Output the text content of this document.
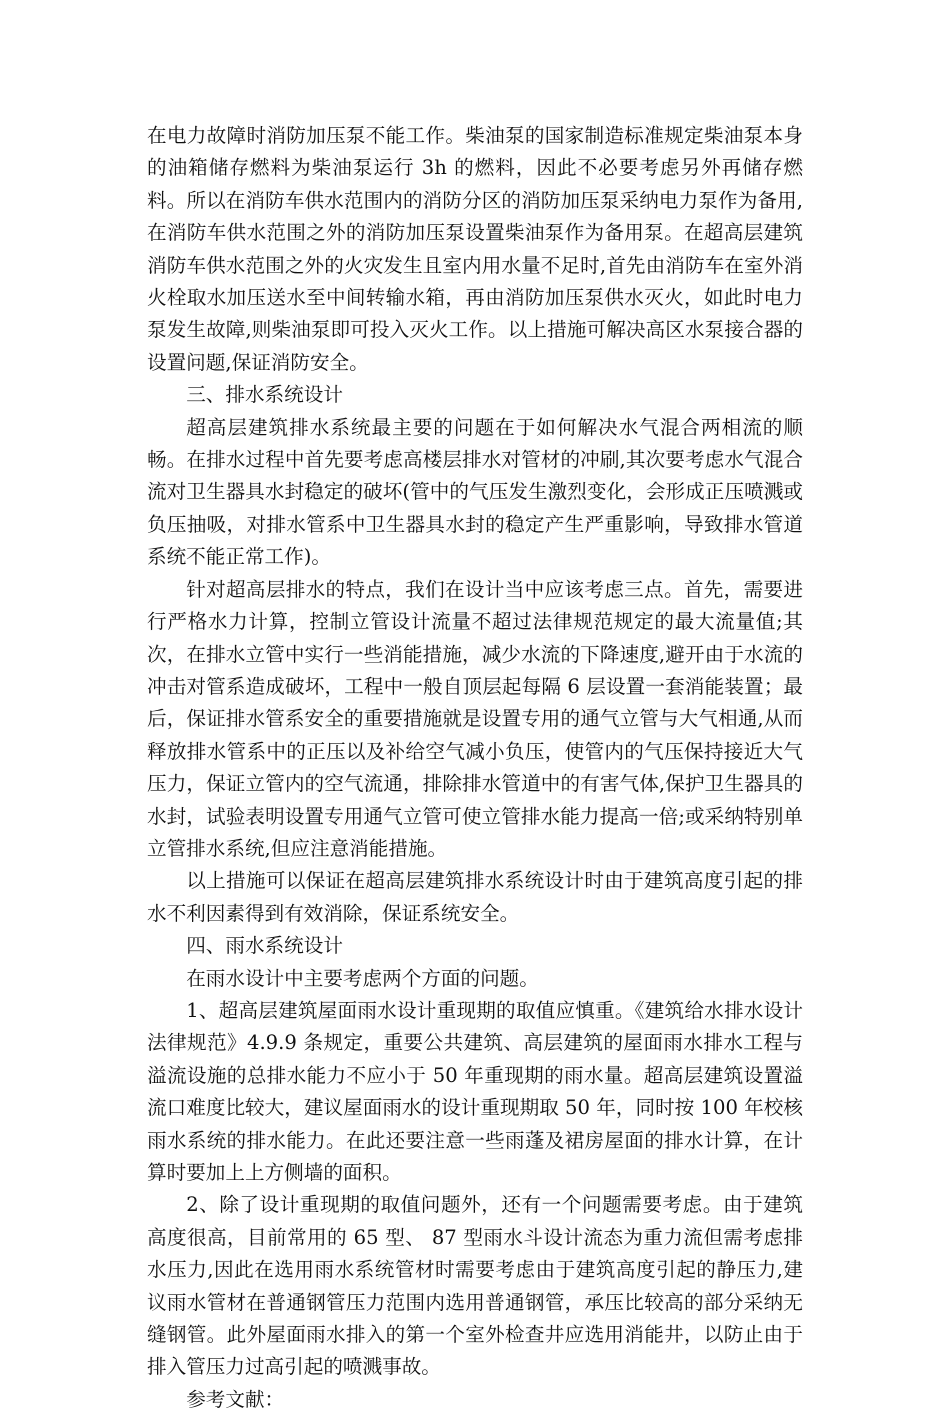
在电力故障时消防加压泵不能工作。柴油泵的国家制造标准规定柴油泵本身的油箱储存燃料为柴油泵运行 3h 的燃料，因此不必要考虑另外再储存燃料。所以在消防车供水范围内的消防分区的消防加压泵采纳电力泵作为备用,在消防车供水范围之外的消防加压泵设置柴油泵作为备用泵。在超高层建筑消防车供水范围之外的火灾发生且室内用水量不足时,首先由消防车在室外消火栓取水加压送水至中间转输水箱，再由消防加压泵供水灭火，如此时电力泵发生故障,则柴油泵即可投入灭火工作。以上措施可解决高区水泵接合器的设置问题,保证消防安全。

三、排水系统设计

超高层建筑排水系统最主要的问题在于如何解决水气混合两相流的顺畅。在排水过程中首先要考虑高楼层排水对管材的冲刷,其次要考虑水气混合流对卫生器具水封稳定的破坏(管中的气压发生激烈变化，会形成正压喷溅或负压抽吸，对排水管系中卫生器具水封的稳定产生严重影响，导致排水管道系统不能正常工作)。

针对超高层排水的特点，我们在设计当中应该考虑三点。首先，需要进行严格水力计算，控制立管设计流量不超过法律规范规定的最大流量值;其次，在排水立管中实行一些消能措施，减少水流的下降速度,避开由于水流的冲击对管系造成破坏，工程中一般自顶层起每隔 6 层设置一套消能装置；最后，保证排水管系安全的重要措施就是设置专用的通气立管与大气相通,从而释放排水管系中的正压以及补给空气减小负压，使管内的气压保持接近大气压力，保证立管内的空气流通，排除排水管道中的有害气体,保护卫生器具的水封，试验表明设置专用通气立管可使立管排水能力提高一倍;或采纳特别单立管排水系统,但应注意消能措施。

以上措施可以保证在超高层建筑排水系统设计时由于建筑高度引起的排水不利因素得到有效消除，保证系统安全。

四、雨水系统设计

在雨水设计中主要考虑两个方面的问题。

1、超高层建筑屋面雨水设计重现期的取值应慎重。《建筑给水排水设计法律规范》4.9.9 条规定，重要公共建筑、高层建筑的屋面雨水排水工程与溢流设施的总排水能力不应小于 50 年重现期的雨水量。超高层建筑设置溢流口难度比较大，建议屋面雨水的设计重现期取 50 年，同时按 100 年校核雨水系统的排水能力。在此还要注意一些雨蓬及裙房屋面的排水计算，在计算时要加上上方侧墙的面积。

2、除了设计重现期的取值问题外，还有一个问题需要考虑。由于建筑高度很高，目前常用的 65 型、 87 型雨水斗设计流态为重力流但需考虑排水压力,因此在选用雨水系统管材时需要考虑由于建筑高度引起的静压力,建议雨水管材在普通钢管压力范围内选用普通钢管，承压比较高的部分采纳无缝钢管。此外屋面雨水排入的第一个室外检查井应选用消能井，以防止由于排入管压力过高引起的喷溅事故。

参考文献：
